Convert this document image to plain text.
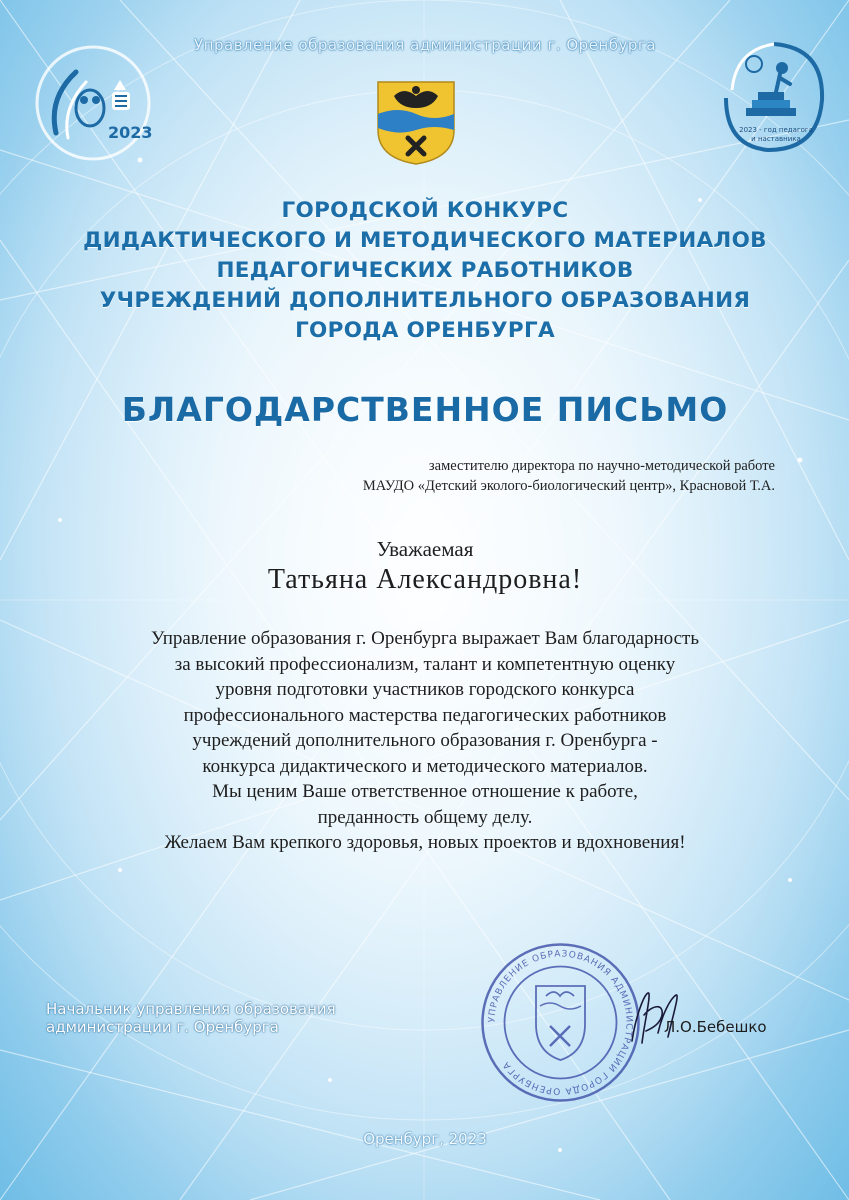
Управление образования администрации г. Оренбурга
2023	2023 - год педагога
и наставника
ГОРОДСКОЙ КОНКУРС
ДИДАКТИЧЕСКОГО И МЕТОДИЧЕСКОГО МАТЕРИАЛОВ
ПЕДАГОГИЧЕСКИХ РАБОТНИКОВ
УЧРЕЖДЕНИЙ ДОПОЛНИТЕЛЬНОГО ОБРАЗОВАНИЯ
ГОРОДА ОРЕНБУРГА
БЛАГОДАРСТВЕННОЕ ПИСЬМО
заместителю директора по научно-методической работе
МАУДО «Детский эколого-биологический центр», Красновой Т.А.
Уважаемая
Татьяна Александровна!
Управление образования г. Оренбурга выражает Вам благодарность
за высокий профессионализм, талант и компетентную оценку
уровня подготовки участников городского конкурса
профессионального мастерства педагогических работников
учреждений дополнительного образования г. Оренбурга -
конкурса дидактического и методического материалов.
Мы ценим Ваше ответственное отношение к работе,
преданность общему делу.
Желаем Вам крепкого здоровья, новых проектов и вдохновения!
Начальник управления образования
администрации г. Оренбурга	УПРАВЛЕНИЕ ОБРАЗОВАНИЯ АДМИНИСТРАЦИИ ГОРОДА ОРЕНБУРГА
Л.О.Бебешко
Оренбург, 2023
